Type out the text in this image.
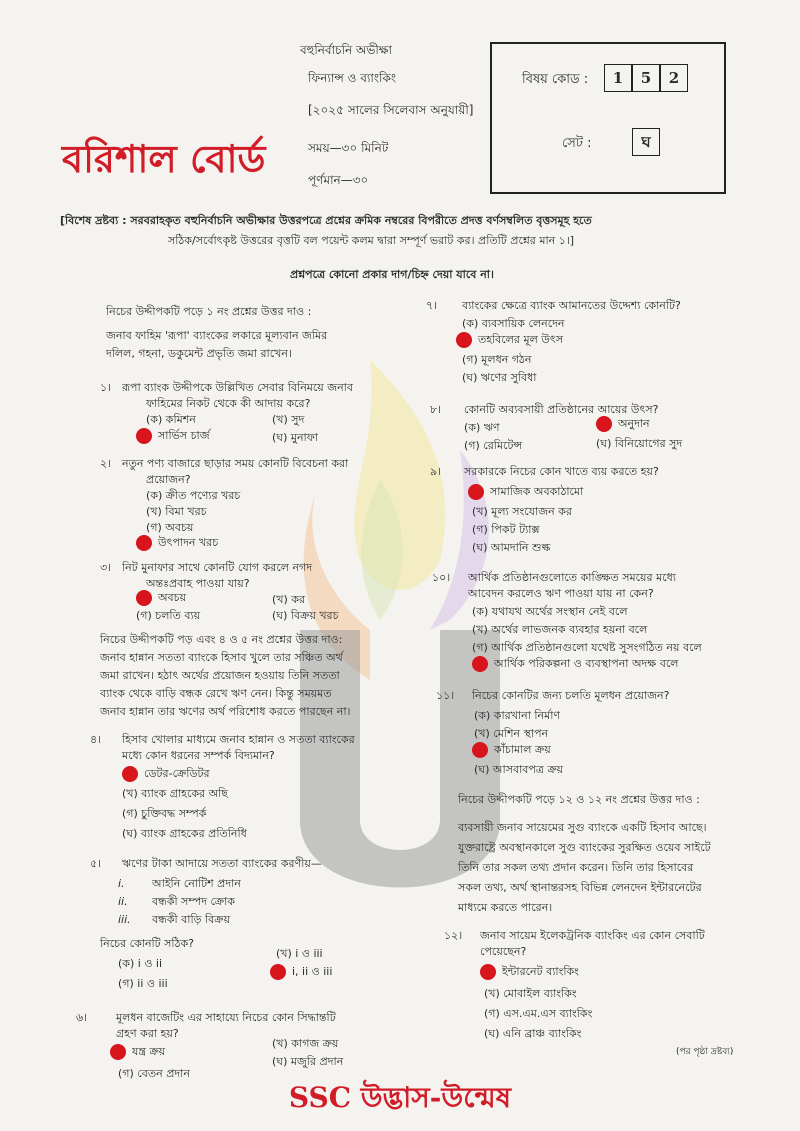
বহুনির্বাচনি অভীক্ষা
ফিন্যান্স ও ব্যাংকিং
[২০২৫ সালের সিলেবাস অনুযায়ী]
সময়—৩০ মিনিট
পূর্ণমান—৩০
বরিশাল বোর্ড
বিষয় কোড :	1 5 2
সেট :	ঘ
[বিশেষ দ্রষ্টব্য : সরবরাহকৃত বহুনির্বাচনি অভীক্ষার উত্তরপত্রে প্রশ্নের ক্রমিক নম্বরের বিপরীতে প্রদত্ত বর্ণসম্বলিত বৃত্তসমূহ হতে
সঠিক/সর্বোৎকৃষ্ট উত্তরের বৃত্তটি বল পয়েন্ট কলম দ্বারা সম্পূর্ণ ভরাট কর। প্রতিটি প্রশ্নের মান ১।]
প্রশ্নপত্রে কোনো প্রকার দাগ/চিহ্ন দেয়া যাবে না।
নিচের উদ্দীপকটি পড়ে ১ নং প্রশ্নের উত্তর দাও :
জনাব ফাহিম 'রূপা' ব্যাংকের লকারে মূল্যবান জমির
দলিল, গহনা, ডকুমেন্ট প্রভৃতি জমা রাখেন।
১। রূপা ব্যাংক উদ্দীপকে উল্লিখিত সেবার বিনিময়ে জনাব
ফাহিমের নিকট থেকে কী আদায় করে?
(ক) কমিশন	(খ) সুদ
সার্ভিস চার্জ	(ঘ) মুনাফা
২। নতুন পণ্য বাজারে ছাড়ার সময় কোনটি বিবেচনা করা
প্রয়োজন?
(ক) ক্রীত পণ্যের খরচ
(খ) বিমা খরচ
(গ) অবচয়
উৎপাদন খরচ
৩। নিট মুনাফার সাথে কোনটি যোগ করলে নগদ
অন্তঃপ্রবাহ পাওয়া যায়?
অবচয়	(খ) কর
(গ) চলতি ব্যয়	(ঘ) বিক্রয় খরচ
নিচের উদ্দীপকটি পড় এবং ৪ ও ৫ নং প্রশ্নের উত্তর দাও:
জনাব হান্নান সততা ব্যাংকে হিসাব খুলে তার সঞ্চিত অর্থ
জমা রাখেন। হঠাৎ অর্থের প্রয়োজন হওয়ায় তিনি সততা
ব্যাংক থেকে বাড়ি বন্ধক রেখে ঋণ নেন। কিন্তু সময়মত
জনাব হান্নান তার ঋণের অর্থ পরিশোধ করতে পারছেন না।
৪। হিসাব খোলার মাধ্যমে জনাব হান্নান ও সততা ব্যাংকের
মধ্যে কোন ধরনের সম্পর্ক বিদ্যমান?
ডেটর-ক্রেডিটর
(খ) ব্যাংক গ্রাহকের অছি
(গ) চুক্তিবদ্ধ সম্পর্ক
(ঘ) ব্যাংক গ্রাহকের প্রতিনিধি
৫। ঋণের টাকা আদায়ে সততা ব্যাংকের করণীয়—
i. আইনি নোটিশ প্রদান
ii. বন্ধকী সম্পদ ক্রোক
iii. বন্ধকী বাড়ি বিক্রয়
নিচের কোনটি সঠিক?
(ক) i ও ii
(খ) i ও iii
(গ) ii ও iii
i, ii ও iii
৬।	মূলধন বাজেটিং এর সাহায্যে নিচের কোন সিদ্ধান্তটি
গ্রহণ করা হয়?
যন্ত্র ক্রয়
(খ) কাগজ ক্রয়
(গ) বেতন প্রদান
(ঘ) মজুরি প্রদান
৭। ব্যাংকের ক্ষেত্রে ব্যাংক আমানতের উদ্দেশ্য কোনটি?
(ক) ব্যবসায়িক লেনদেন
তহবিলের মূল উৎস
(গ) মূলধন গঠন
(ঘ) ঋণের সুবিধা
৮। কোনটি অব্যবসায়ী প্রতিষ্ঠানের আয়ের উৎস?
(ক) ঋণ	অনুদান
(গ) রেমিটেন্স	(ঘ) বিনিয়োগের সুদ
৯। সরকারকে নিচের কোন খাতে ব্যয় করতে হয়?
সামাজিক অবকাঠামো
(খ) মূল্য সংযোজন কর
(গ) পিকট ট্যাক্স
(ঘ) আমদানি শুল্ক
১০। আর্থিক প্রতিষ্ঠানগুলোতে কাঙ্ক্ষিত সময়ের মধ্যে
আবেদন করলেও ঋণ পাওয়া যায় না কেন?
(ক) যথাযথ অর্থের সংস্থান নেই বলে
(খ) অর্থের লাভজনক ব্যবহার হয়না বলে
(গ) আর্থিক প্রতিষ্ঠানগুলো যথেষ্ট সুসংগঠিত নয় বলে
আর্থিক পরিকল্পনা ও ব্যবস্থাপনা অদক্ষ বলে
১১। নিচের কোনটির জন্য চলতি মূলধন প্রয়োজন?
(ক) কারখানা নির্মাণ
(খ) মেশিন স্থাপন
কাঁচামাল ক্রয়
(ঘ) আসবাবপত্র ক্রয়
নিচের উদ্দীপকটি পড়ে ১২ ও ১২ নং প্রশ্নের উত্তর দাও :
ব্যবসায়ী জনাব সায়েমের সুগু ব্যাংকে একটি হিসাব আছে।
যুক্তরাষ্ট্রে অবস্থানকালে সুগু ব্যাংকের সুরক্ষিত ওয়েব সাইটে
তিনি তার সকল তথ্য প্রদান করেন। তিনি তার হিসাবের
সকল তথ্য, অর্থ স্থানান্তরসহ বিভিন্ন লেনদেন ইন্টারনেটের
মাধ্যমে করতে পারেন।
১২। জনাব সায়েম ইলেকট্রনিক ব্যাংকিং এর কোন সেবাটি
পেয়েছেন?
ইন্টারনেট ব্যাংকিং
(খ) মোবাইল ব্যাংকিং
(গ) এস.এম.এস ব্যাংকিং
(ঘ) এনি ব্রাঞ্চ ব্যাংকিং
(পর পৃষ্ঠা দ্রষ্টব্য)
SSC উদ্ভাস-উন্মেষ
